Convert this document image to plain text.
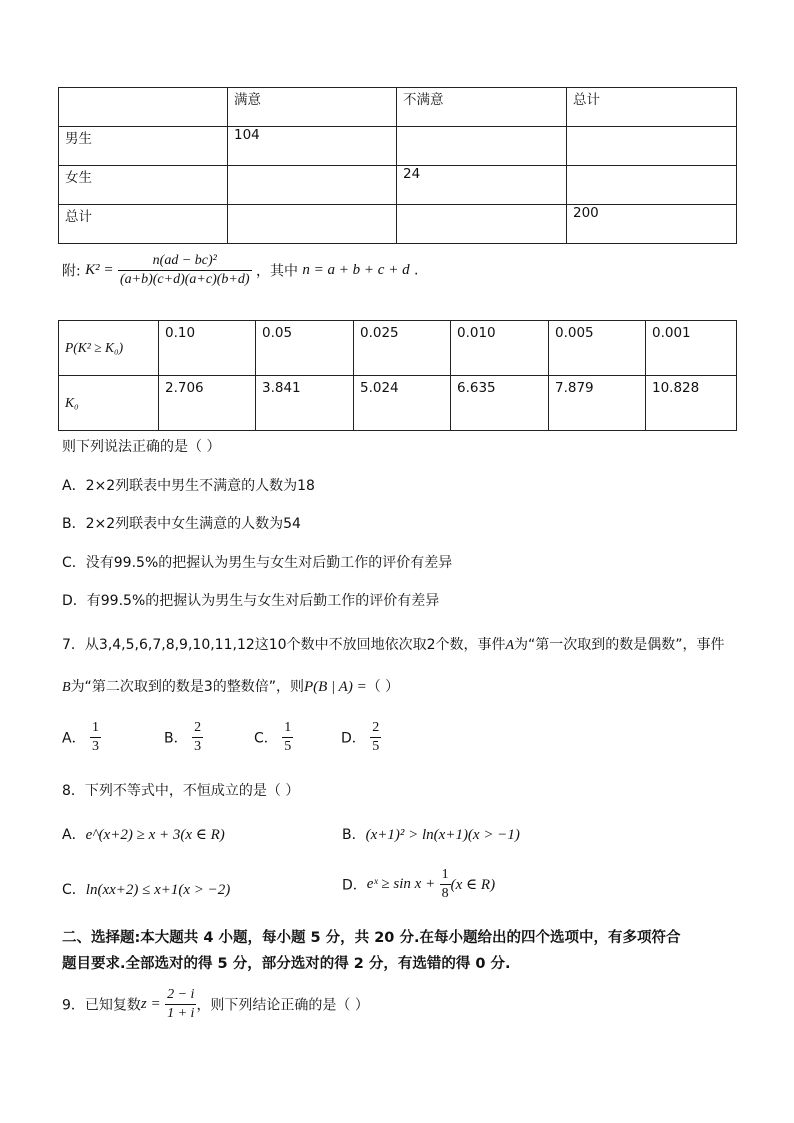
	满意	不满意	总计
男生	104		
女生		24	
总计			200
附: $K^2 = \frac{\text{n(ad − bc)²}}{(a+b)(c+d)(a+c)(b+d)}$ ，其中 n = a + b + c + d .
P(K² ≥ K₀)	0.10	0.05	0.025	0.010	0.005	0.001
K₀	2.706	3.841	5.024	6.635	7.879	10.828
则下列说法正确的是（ ）
A．2×2列联表中男生不满意的人数为18
B．2×2列联表中女生满意的人数为54
C．没有99.5%的把握认为男生与女生对后勤工作的评价有差异
D．有99.5%的把握认为男生与女生对后勤工作的评价有差异
7．从3,4,5,6,7,8,9,10,11,12这10个数中不放回地依次取2个数，事件A为“第一次取到的数是偶数”，事件
B为“第二次取到的数是3的整数倍”，则P(B | A) =（ ）
A． $\frac{1}{3}$	B． $\frac{2}{3}$	C． $\frac{1}{5}$	D． $\frac{2}{5}$
8．下列不等式中，不恒成立的是（ ）
A．e^(x+2) ≥ x + 3(x ∈ R)	B．(x+1)² > ln(x+1)(x > −1)
C．ln(xx+2) ≤ x+1(x > −2)	D．eˣ ≥ $\sin x + \frac{1}{8} (x$ ∈ R)
二、选择题:本大题共 4 小题，每小题 5 分，共 20 分.在每小题给出的四个选项中，有多项符合
题目要求.全部选对的得 5 分，部分选对的得 2 分，有选错的得 0 分.
9．已知复数$z = \frac{2 - i}{1 + i}$ ，则下列结论正确的是（ ）
